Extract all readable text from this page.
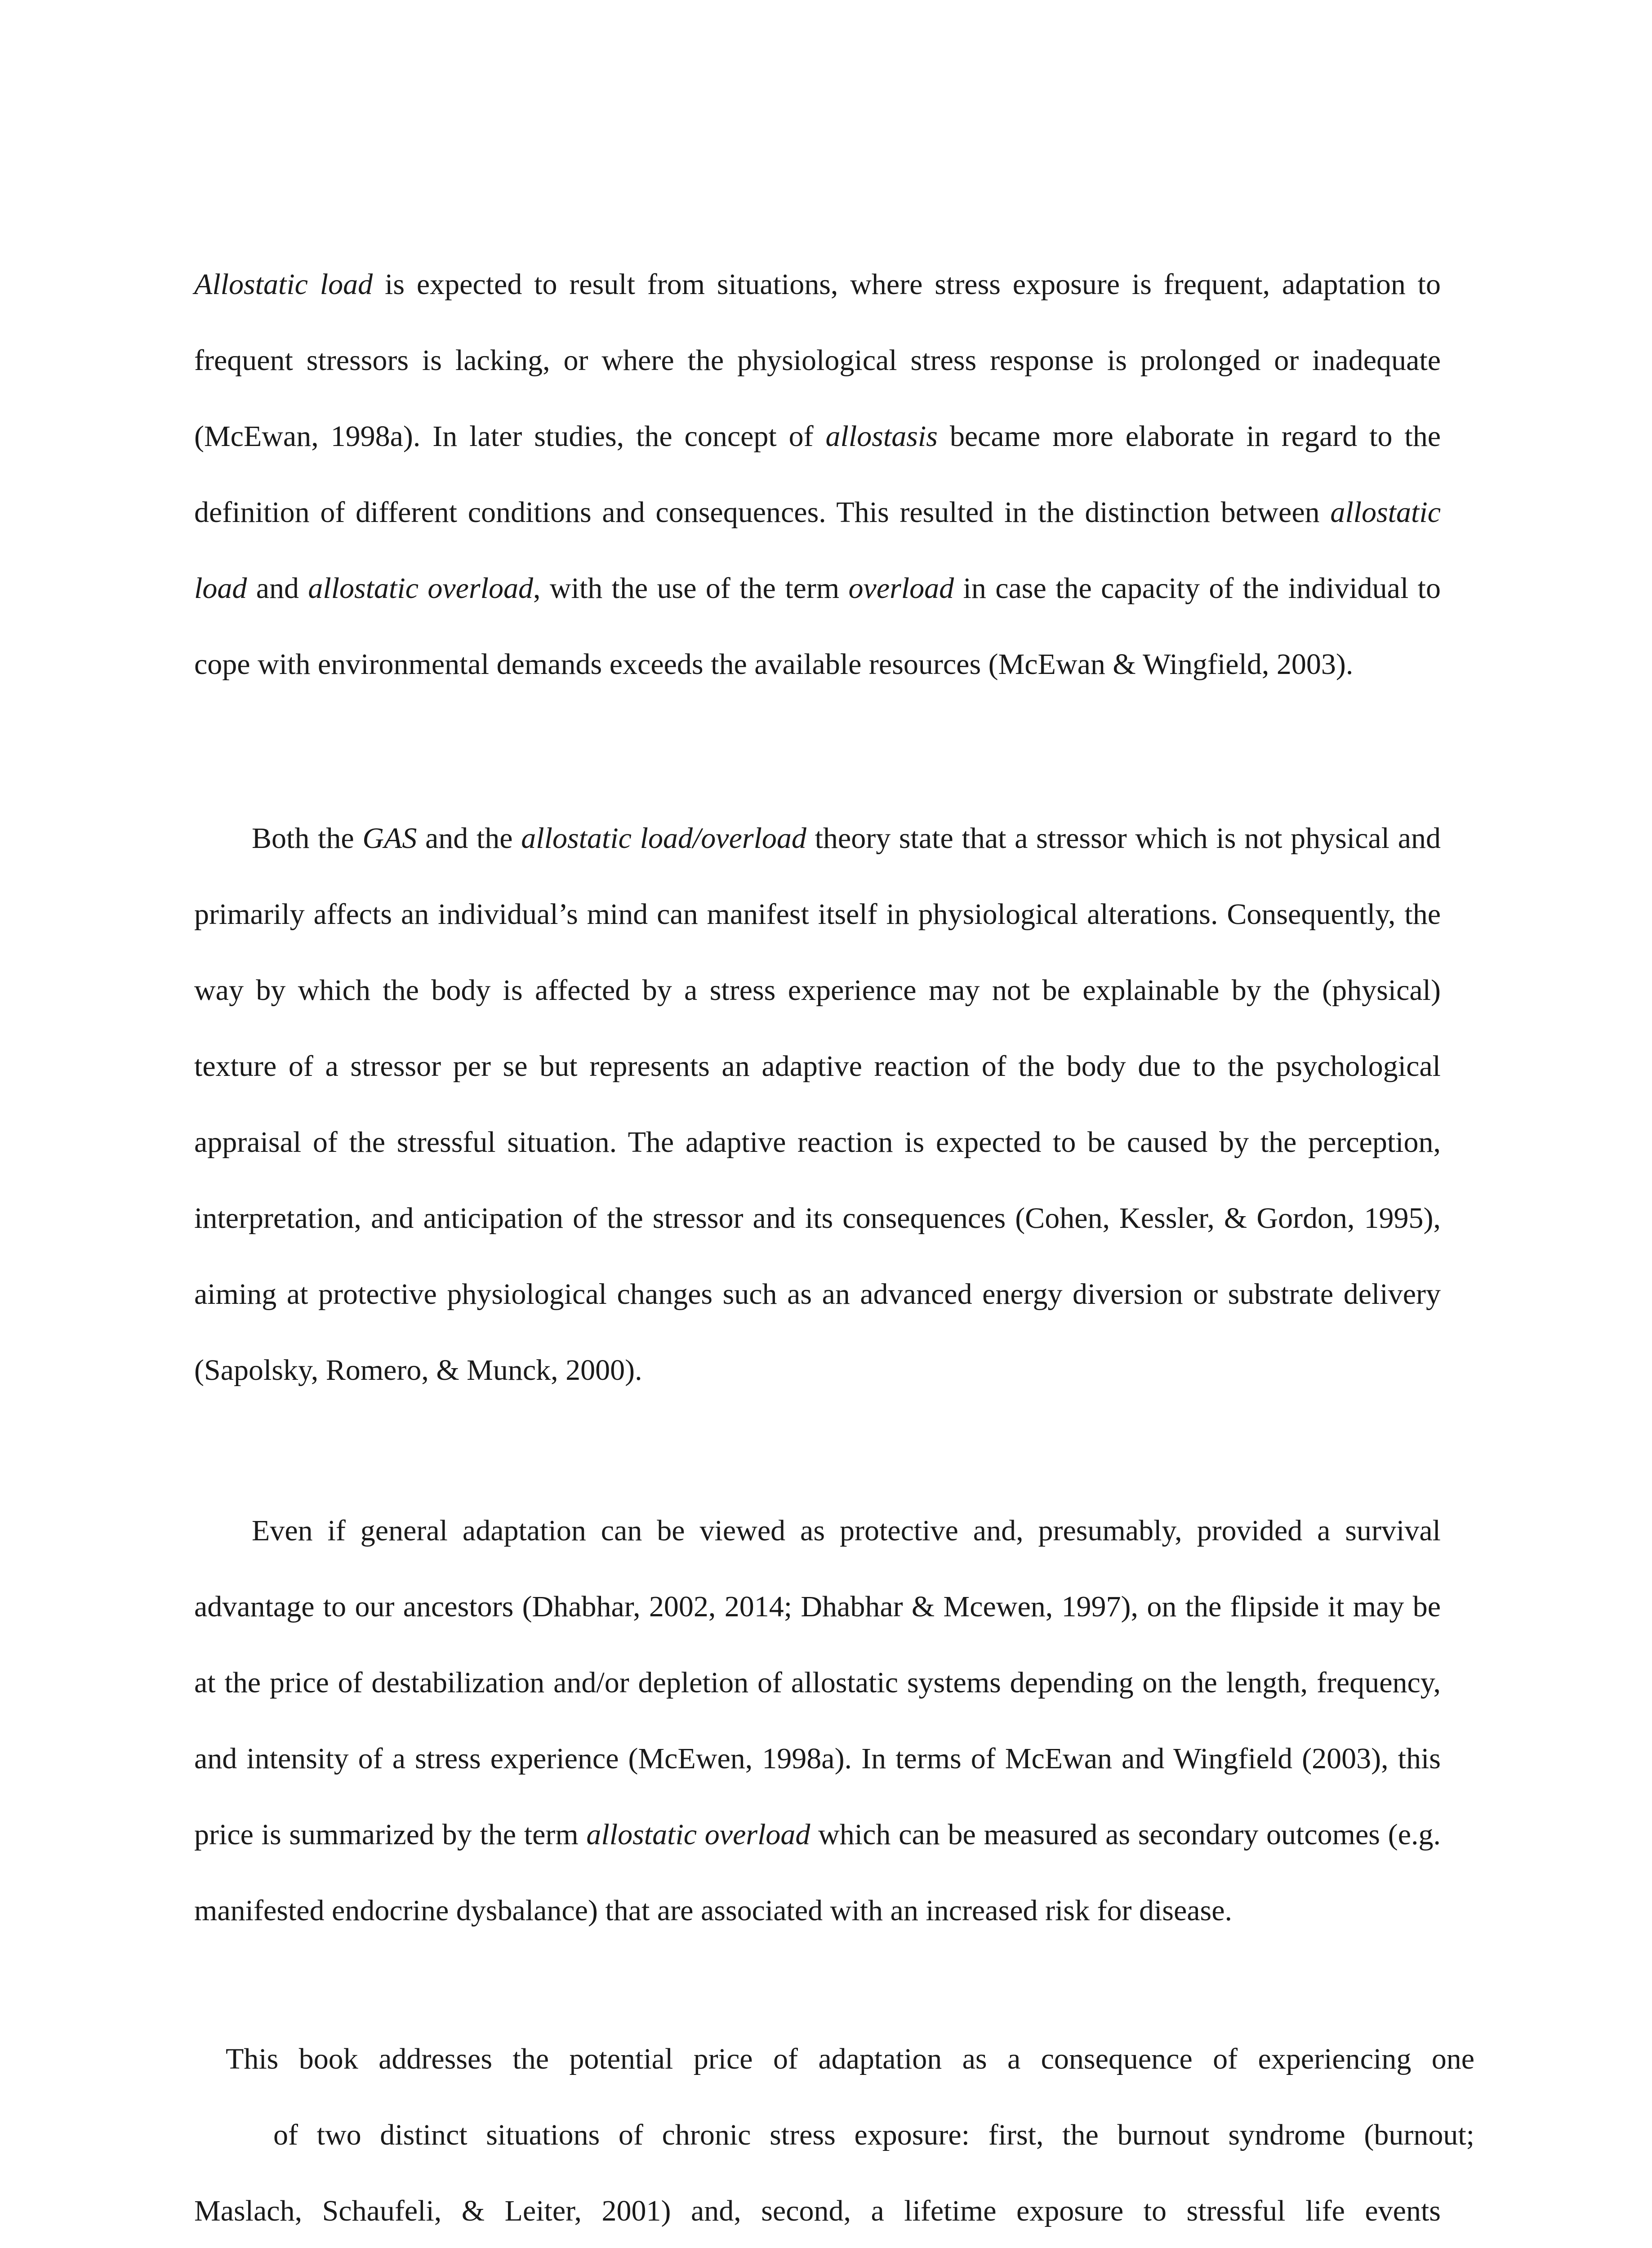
Allostatic load is expected to result from situations, where stress exposure is frequent, adaptation to frequent stressors is lacking, or where the physiological stress response is prolonged or inadequate (McEwan, 1998a). In later studies, the concept of allostasis became more elaborate in regard to the definition of different conditions and consequences. This resulted in the distinction between allostatic load and allostatic overload, with the use of the term overload in case the capacity of the individual to cope with environmental demands exceeds the available resources (McEwan & Wingfield, 2003).

Both the GAS and the allostatic load/overload theory state that a stressor which is not physical and primarily affects an individual’s mind can manifest itself in physiological alterations. Consequently, the way by which the body is affected by a stress experience may not be explainable by the (physical) texture of a stressor per se but represents an adaptive reaction of the body due to the psychological appraisal of the stressful situation. The adaptive reaction is expected to be caused by the perception, interpretation, and anticipation of the stressor and its consequences (Cohen, Kessler, & Gordon, 1995), aiming at protective physiological changes such as an advanced energy diversion or substrate delivery (Sapolsky, Romero, & Munck, 2000).

Even if general adaptation can be viewed as protective and, presumably, provided a survival advantage to our ancestors (Dhabhar, 2002, 2014; Dhabhar & Mcewen, 1997), on the flipside it may be at the price of destabilization and/or depletion of allostatic systems depending on the length, frequency, and intensity of a stress experience (McEwen, 1998a). In terms of McEwan and Wingfield (2003), this price is summarized by the term allostatic overload which can be measured as secondary outcomes (e.g. manifested endocrine dysbalance) that are associated with an increased risk for disease.

This book addresses the potential price of adaptation as a consequence of experiencing one
of two distinct situations of chronic stress exposure: first, the burnout syndrome (burnout;
Maslach, Schaufeli, & Leiter, 2001) and, second, a lifetime exposure to stressful life events
